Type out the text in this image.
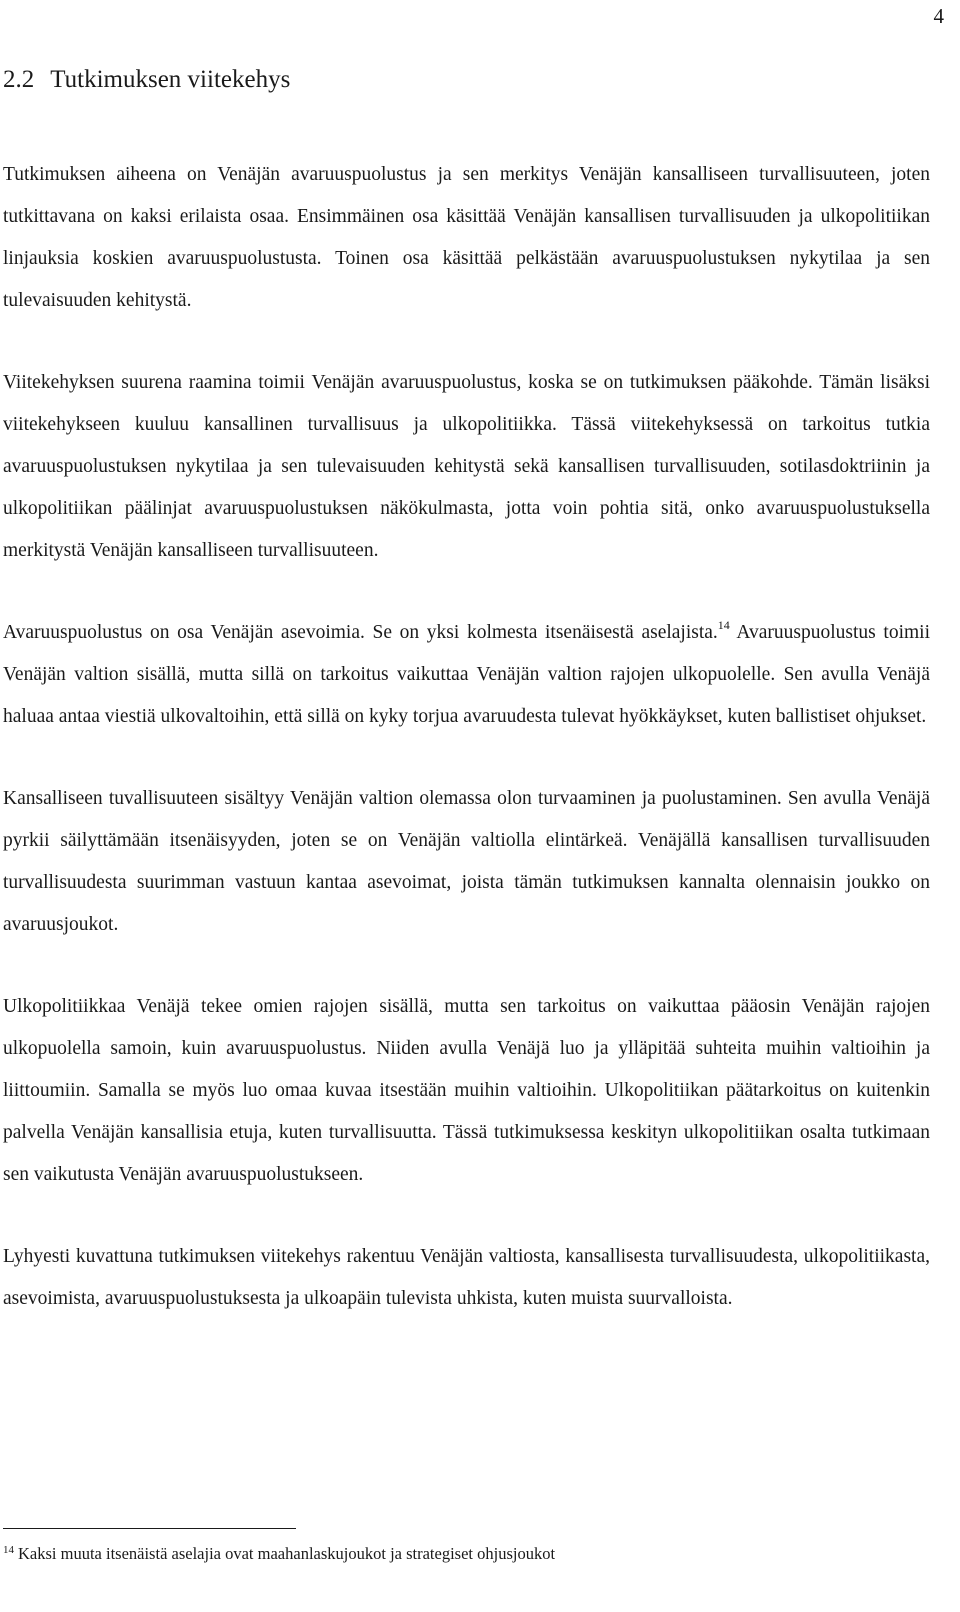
4
2.2 Tutkimuksen viitekehys

Tutkimuksen aiheena on Venäjän avaruuspuolustus ja sen merkitys Venäjän kansalliseen turvallisuuteen, joten tutkittavana on kaksi erilaista osaa. Ensimmäinen osa käsittää Venäjän kansallisen turvallisuuden ja ulkopolitiikan linjauksia koskien avaruuspuolustusta. Toinen osa käsittää pelkästään avaruuspuolustuksen nykytilaa ja sen tulevaisuuden kehitystä.

Viitekehyksen suurena raamina toimii Venäjän avaruuspuolustus, koska se on tutkimuksen pääkohde. Tämän lisäksi viitekehykseen kuuluu kansallinen turvallisuus ja ulkopolitiikka. Tässä viitekehyksessä on tarkoitus tutkia avaruuspuolustuksen nykytilaa ja sen tulevaisuuden kehitystä sekä kansallisen turvallisuuden, sotilasdoktriinin ja ulkopolitiikan päälinjat avaruuspuolustuksen näkökulmasta, jotta voin pohtia sitä, onko avaruuspuolustuksella merkitystä Venäjän kansalliseen turvallisuuteen.

Avaruuspuolustus on osa Venäjän asevoimia. Se on yksi kolmesta itsenäisestä aselajista.$^{14}$ Avaruuspuolustus toimii Venäjän valtion sisällä, mutta sillä on tarkoitus vaikuttaa Venäjän valtion rajojen ulkopuolelle. Sen avulla Venäjä haluaa antaa viestiä ulkovaltoihin, että sillä on kyky torjua avaruudesta tulevat hyökkäykset, kuten ballistiset ohjukset.

Kansalliseen tuvallisuuteen sisältyy Venäjän valtion olemassa olon turvaaminen ja puolustaminen. Sen avulla Venäjä pyrkii säilyttämään itsenäisyyden, joten se on Venäjän valtiolla elintärkeä. Venäjällä kansallisen turvallisuuden turvallisuudesta suurimman vastuun kantaa asevoimat, joista tämän tutkimuksen kannalta olennaisin joukko on avaruusjoukot.

Ulkopolitiikkaa Venäjä tekee omien rajojen sisällä, mutta sen tarkoitus on vaikuttaa pääosin Venäjän rajojen ulkopuolella samoin, kuin avaruuspuolustus. Niiden avulla Venäjä luo ja ylläpitää suhteita muihin valtioihin ja liittoumiin. Samalla se myös luo omaa kuvaa itsestään muihin valtioihin. Ulkopolitiikan päätarkoitus on kuitenkin palvella Venäjän kansallisia etuja, kuten turvallisuutta. Tässä tutkimuksessa keskityn ulkopolitiikan osalta tutkimaan sen vaikutusta Venäjän avaruuspuolustukseen.

Lyhyesti kuvattuna tutkimuksen viitekehys rakentuu Venäjän valtiosta, kansallisesta turvallisuudesta, ulkopolitiikasta, asevoimista, avaruuspuolustuksesta ja ulkoapäin tulevista uhkista, kuten muista suurvalloista.

$^{14}$ Kaksi muuta itsenäistä aselajia ovat maahanlaskujoukot ja strategiset ohjusjoukot
